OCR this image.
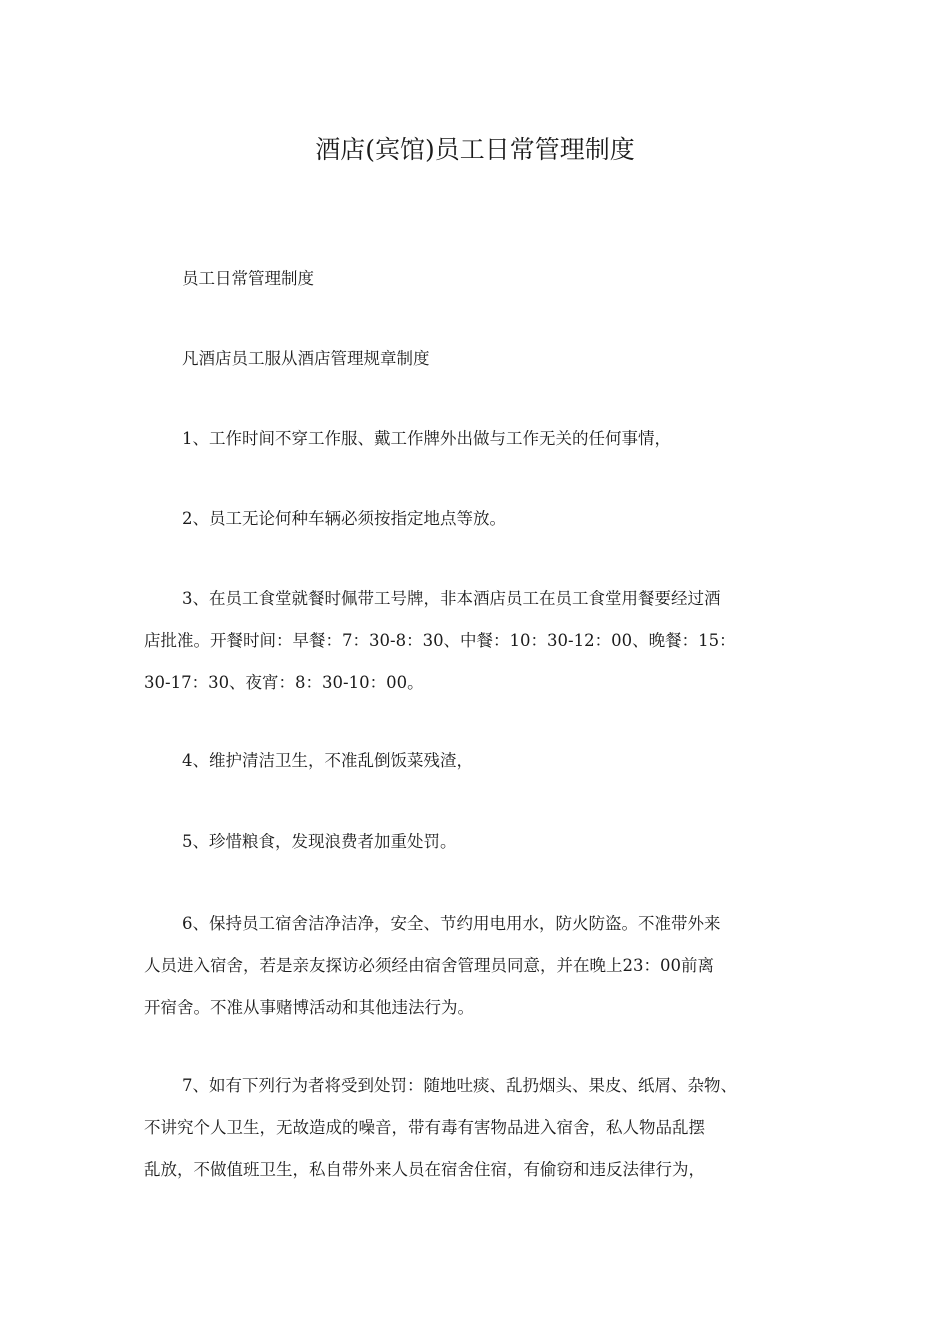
酒店(宾馆)员工日常管理制度

员工日常管理制度

凡酒店员工服从酒店管理规章制度

1、工作时间不穿工作服、戴工作牌外出做与工作无关的任何事情，

2、员工无论何种车辆必须按指定地点等放。

3、在员工食堂就餐时佩带工号牌，非本酒店员工在员工食堂用餐要经过酒
店批准。开餐时间：早餐：7：30-8：30、中餐：10：30-12：00、晚餐：15：
30-17：30、夜宵：8：30-10：00。

4、维护清洁卫生，不准乱倒饭菜残渣，

5、珍惜粮食，发现浪费者加重处罚。

6、保持员工宿舍洁净洁净，安全、节约用电用水，防火防盗。不准带外来
人员进入宿舍，若是亲友探访必须经由宿舍管理员同意，并在晚上23：00前离
开宿舍。不准从事赌博活动和其他违法行为。

7、如有下列行为者将受到处罚：随地吐痰、乱扔烟头、果皮、纸屑、杂物、
不讲究个人卫生，无故造成的噪音，带有毒有害物品进入宿舍，私人物品乱摆
乱放，不做值班卫生，私自带外来人员在宿舍住宿，有偷窃和违反法律行为，
